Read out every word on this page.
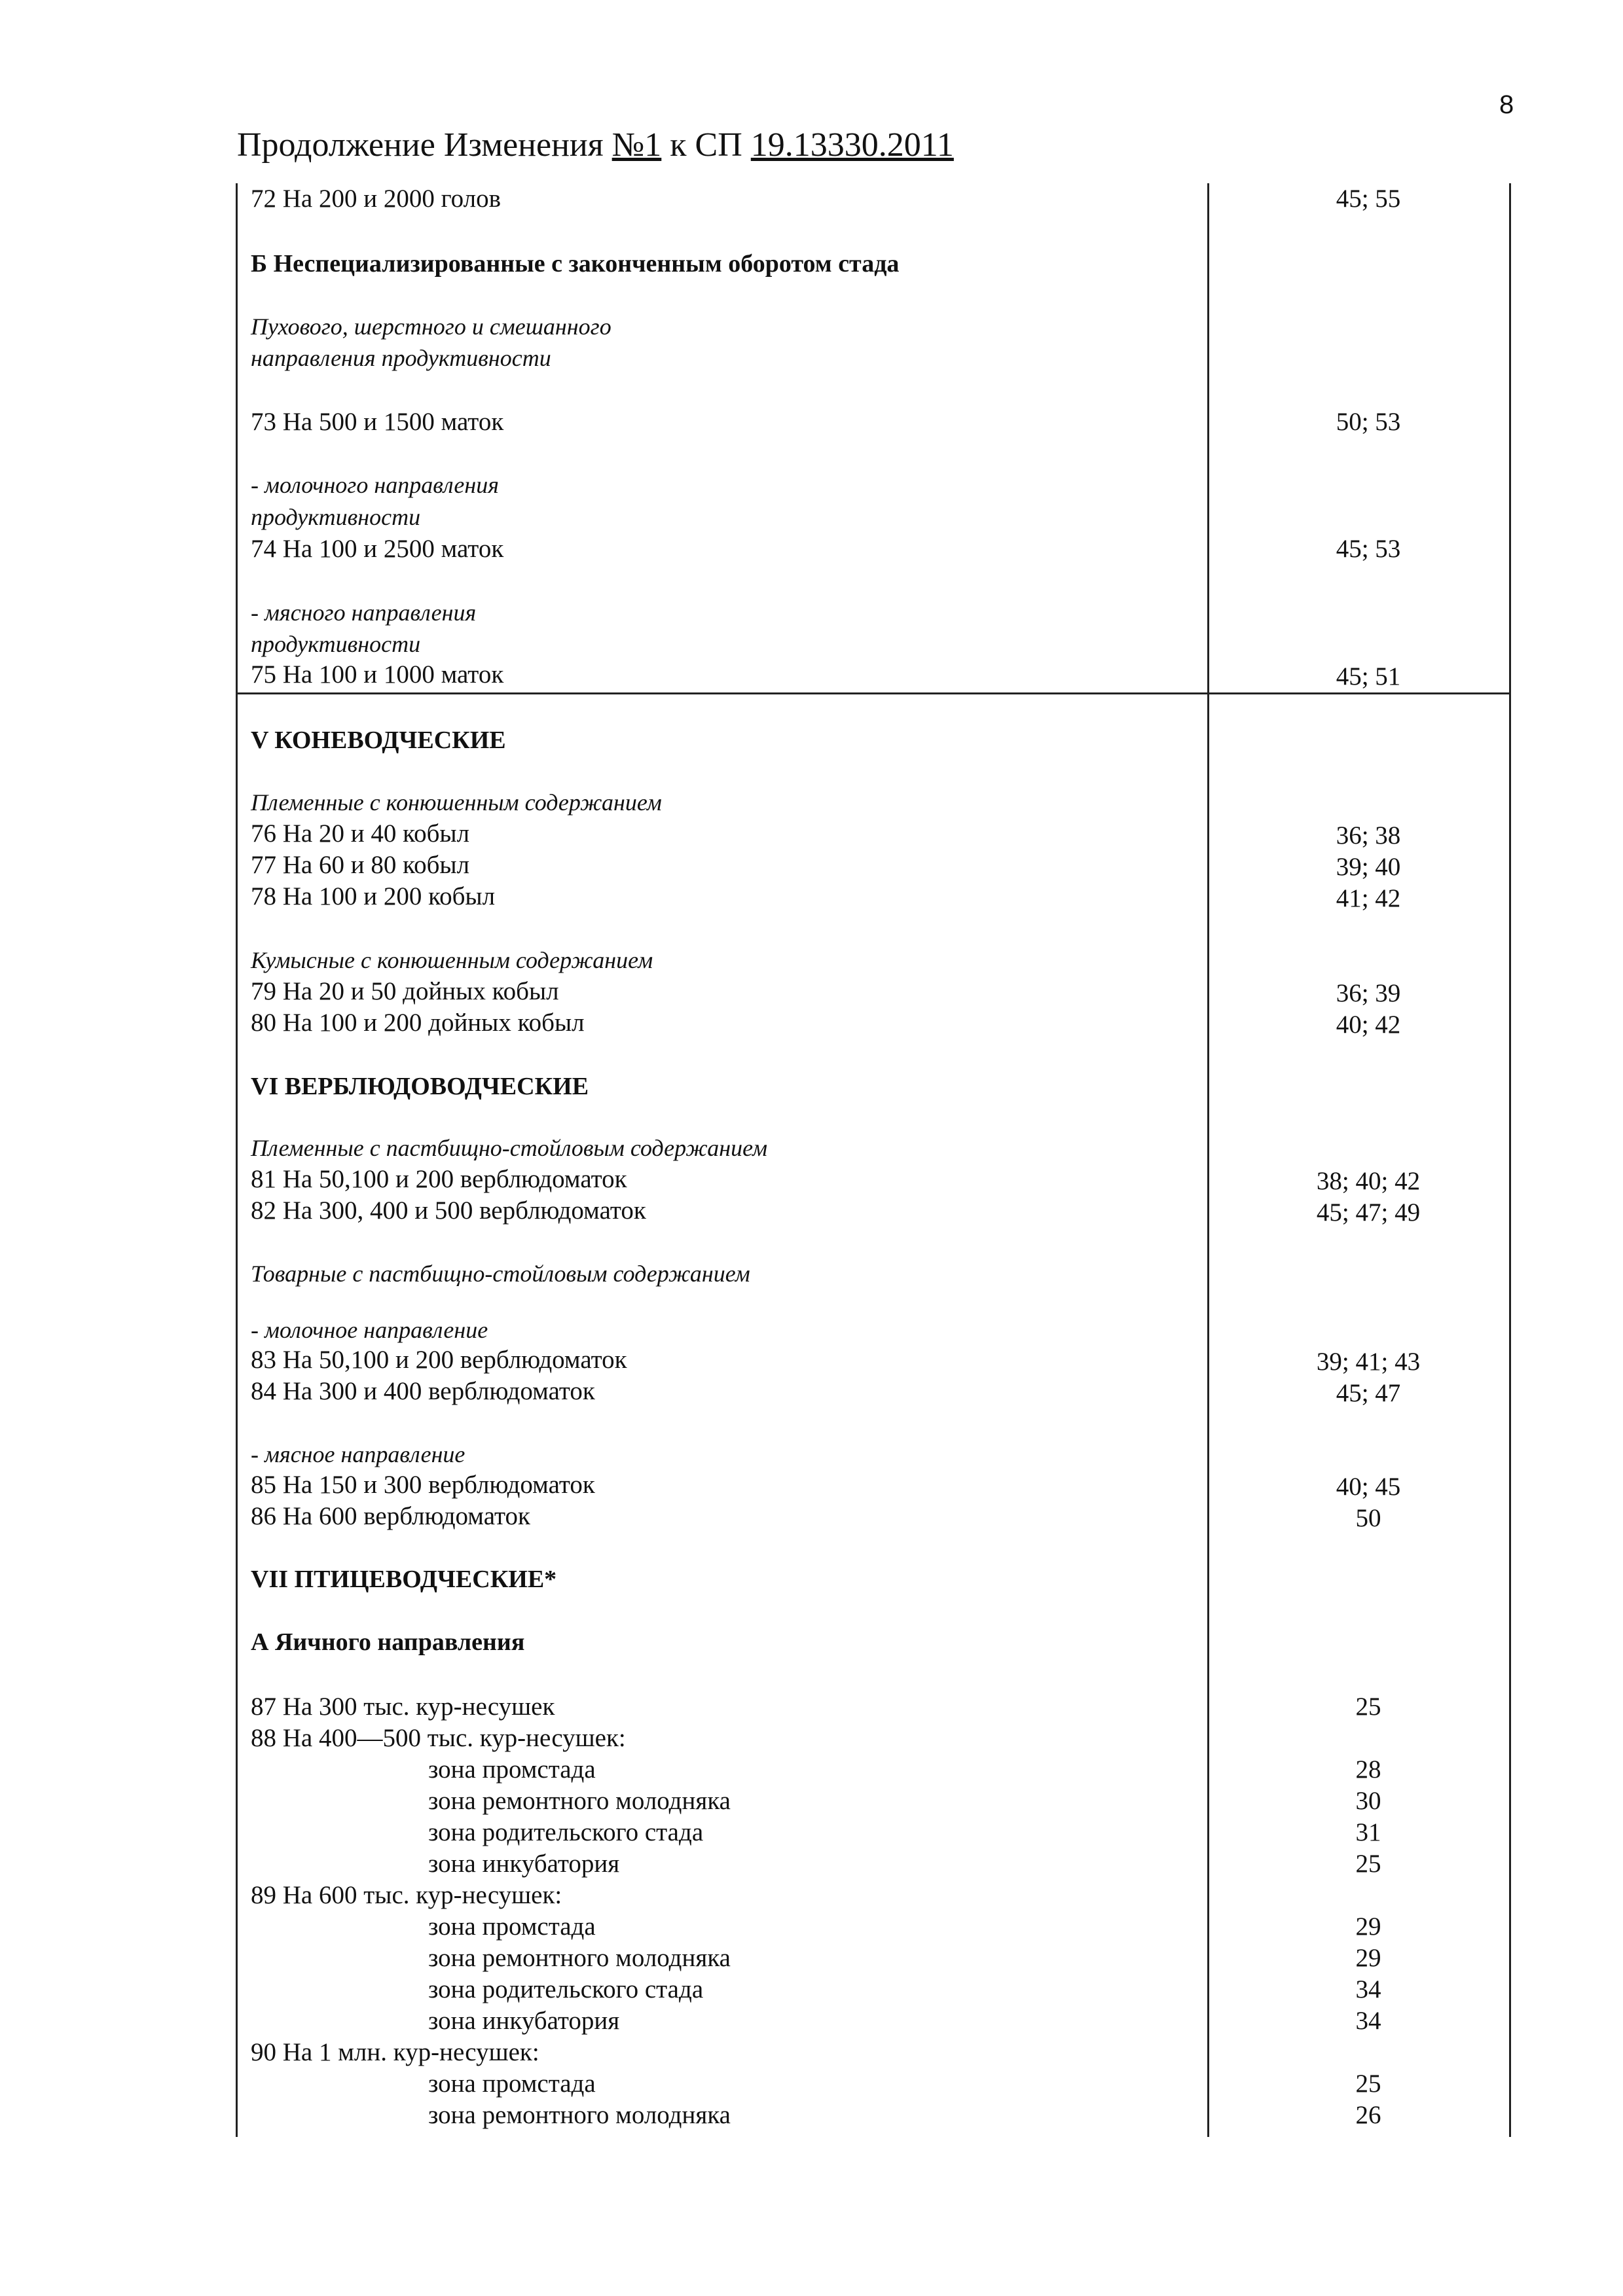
8
Продолжение Изменения №1 к СП 19.13330.2011
72 На 200 и 2000 голов	45; 55
Б Неспециализированные с законченным оборотом стада
Пухового, шерстного и смешанного
направления продуктивности
73 На 500 и 1500 маток	50; 53
- молочного направления
продуктивности
74 На 100 и 2500 маток	45; 53
- мясного направления
продуктивности
75 На 100 и 1000 маток	45; 51
V КОНЕВОДЧЕСКИЕ
Племенные с конюшенным содержанием
76 На 20 и 40 кобыл	36; 38
77 На 60 и 80 кобыл	39; 40
78 На 100 и 200 кобыл	41; 42
Кумысные с конюшенным содержанием
79 На 20 и 50 дойных кобыл	36; 39
80 На 100 и 200 дойных кобыл	40; 42
VI ВЕРБЛЮДОВОДЧЕСКИЕ
Племенные с пастбищно-стойловым содержанием
81 На 50,100 и 200 верблюдоматок	38; 40; 42
82 На 300, 400 и 500 верблюдоматок	45; 47; 49
Товарные с пастбищно-стойловым содержанием
- молочное направление
83 На 50,100 и 200 верблюдоматок	39; 41; 43
84 На 300 и 400 верблюдоматок	45; 47
- мясное направление
85 На 150 и 300 верблюдоматок	40; 45
86 На 600 верблюдоматок	50
VII ПТИЦЕВОДЧЕСКИЕ*
А Яичного направления
87 На 300 тыс. кур-несушек	25
88 На 400—500 тыс. кур-несушек:
зона промстада	28
зона ремонтного молодняка	30
зона родительского стада	31
зона инкубатория	25
89 На 600 тыс. кур-несушек:
зона промстада	29
зона ремонтного молодняка	29
зона родительского стада	34
зона инкубатория	34
90 На 1 млн. кур-несушек:
зона промстада	25
зона ремонтного молодняка	26
